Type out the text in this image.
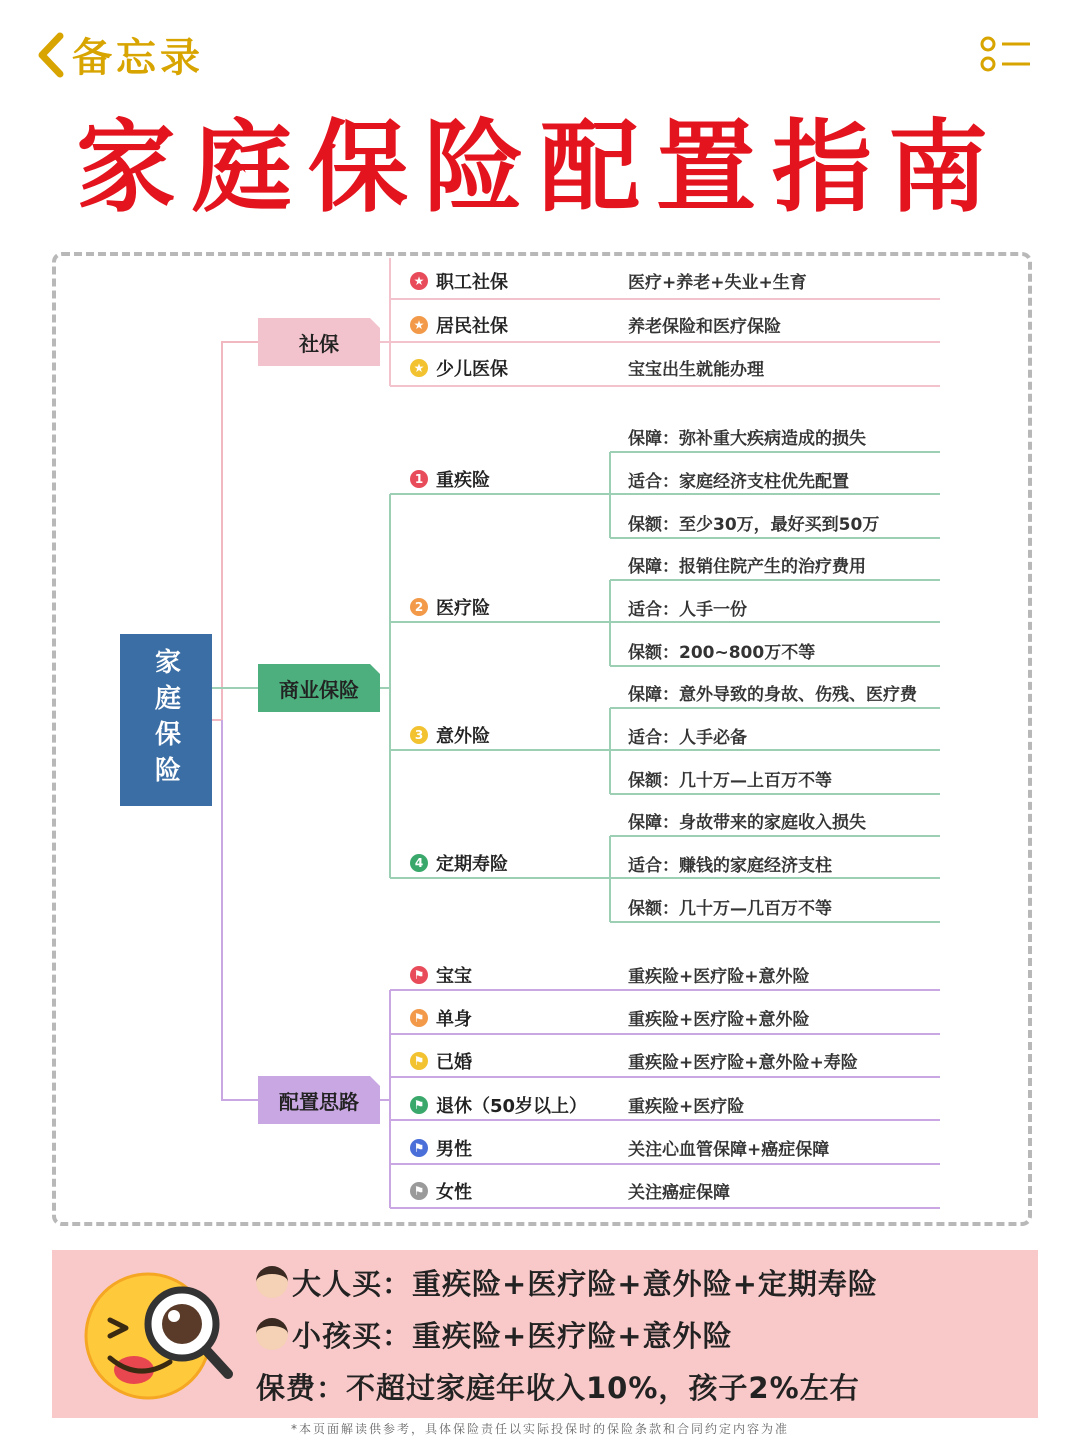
备忘录
家庭保险配置指南
家庭保险
社保
商业保险
配置思路
★ 职工社保	医疗+养老+失业+生育
★ 居民社保	养老保险和医疗保险
★ 少儿医保	宝宝出生就能办理
1 重疾险
保障：弥补重大疾病造成的损失
适合：家庭经济支柱优先配置
保额：至少30万，最好买到50万
2 医疗险
保障：报销住院产生的治疗费用
适合：人手一份
保额：200~800万不等
3 意外险
保障：意外导致的身故、伤残、医疗费
适合：人手必备
保额：几十万—上百万不等
4 定期寿险
保障：身故带来的家庭收入损失
适合：赚钱的家庭经济支柱
保额：几十万—几百万不等
⚑ 宝宝	重疾险+医疗险+意外险
⚑ 单身	重疾险+医疗险+意外险
⚑ 已婚	重疾险+医疗险+意外险+寿险
⚑ 退休（50岁以上） 重疾险+医疗险
⚑ 男性	关注心血管保障+癌症保障
⚑ 女性	关注癌症保障
大人买：重疾险+医疗险+意外险+定期寿险
小孩买：重疾险+医疗险+意外险
保费：不超过家庭年收入10%，孩子2%左右
*本页面解读供参考，具体保险责任以实际投保时的保险条款和合同约定内容为准
